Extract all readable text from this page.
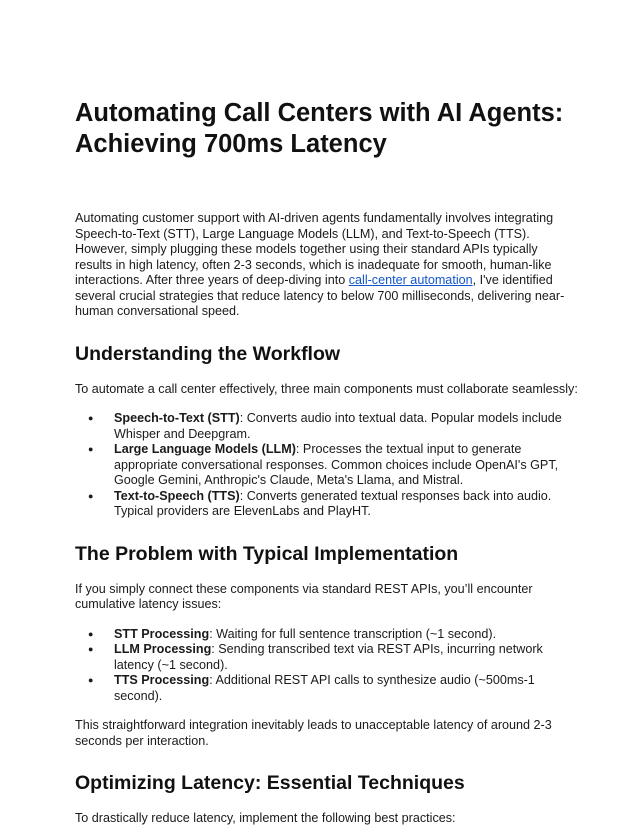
Automating Call Centers with AI Agents:
Achieving 700ms Latency

Automating customer support with AI-driven agents fundamentally involves integrating Speech-to-Text (STT), Large Language Models (LLM), and Text-to-Speech (TTS). However, simply plugging these models together using their standard APIs typically results in high latency, often 2-3 seconds, which is inadequate for smooth, human-like interactions. After three years of deep-diving into call-center automation, I've identified several crucial strategies that reduce latency to below 700 milliseconds, delivering near-human conversational speed.

Understanding the Workflow

To automate a call center effectively, three main components must collaborate seamlessly:

● Speech-to-Text (STT): Converts audio into textual data. Popular models include Whisper and Deepgram.
● Large Language Models (LLM): Processes the textual input to generate appropriate conversational responses. Common choices include OpenAI's GPT, Google Gemini, Anthropic's Claude, Meta's Llama, and Mistral.
● Text-to-Speech (TTS): Converts generated textual responses back into audio. Typical providers are ElevenLabs and PlayHT.
The Problem with Typical Implementation

If you simply connect these components via standard REST APIs, you’ll encounter cumulative latency issues:

● STT Processing: Waiting for full sentence transcription (~1 second).
● LLM Processing: Sending transcribed text via REST APIs, incurring network latency (~1 second).
● TTS Processing: Additional REST API calls to synthesize audio (~500ms-1 second).

This straightforward integration inevitably leads to unacceptable latency of around 2-3 seconds per interaction.

Optimizing Latency: Essential Techniques

To drastically reduce latency, implement the following best practices:
